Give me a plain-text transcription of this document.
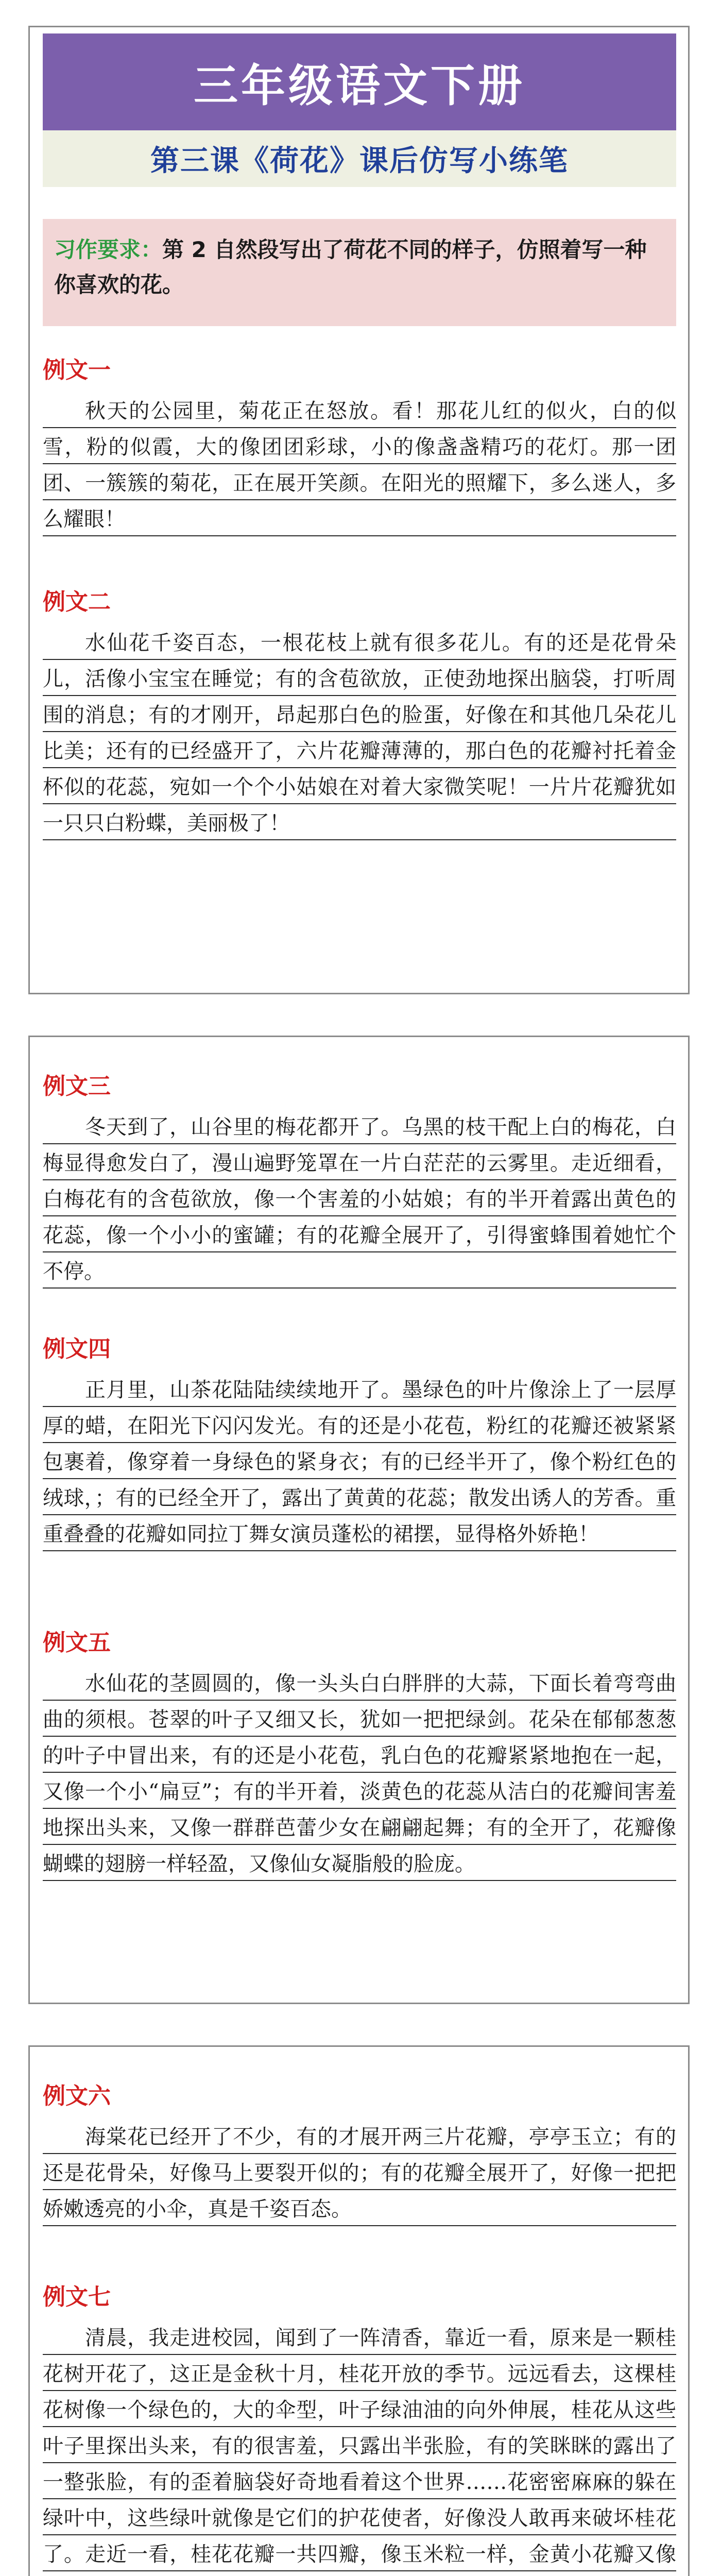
三年级语文下册
第三课《荷花》课后仿写小练笔
习作要求：第 2 自然段写出了荷花不同的样子，仿照着写一种你喜欢的花。
例文一
秋天的公园里，菊花正在怒放。看！那花儿红的似火，白的似雪，粉的似霞，大的像团团彩球，小的像盏盏精巧的花灯。那一团团、一簇簇的菊花，正在展开笑颜。在阳光的照耀下，多么迷人，多么耀眼！
例文二
水仙花千姿百态，一根花枝上就有很多花儿。有的还是花骨朵儿，活像小宝宝在睡觉；有的含苞欲放，正使劲地探出脑袋，打听周围的消息；有的才刚开，昂起那白色的脸蛋，好像在和其他几朵花儿比美；还有的已经盛开了，六片花瓣薄薄的，那白色的花瓣衬托着金杯似的花蕊，宛如一个个小姑娘在对着大家微笑呢！一片片花瓣犹如一只只白粉蝶，美丽极了！
例文三
冬天到了，山谷里的梅花都开了。乌黑的枝干配上白的梅花，白梅显得愈发白了，漫山遍野笼罩在一片白茫茫的云雾里。走近细看，白梅花有的含苞欲放，像一个害羞的小姑娘；有的半开着露出黄色的花蕊，像一个小小的蜜罐；有的花瓣全展开了，引得蜜蜂围着她忙个不停。
例文四
正月里，山茶花陆陆续续地开了。墨绿色的叶片像涂上了一层厚厚的蜡，在阳光下闪闪发光。有的还是小花苞，粉红的花瓣还被紧紧包裹着，像穿着一身绿色的紧身衣；有的已经半开了，像个粉红色的绒球，；有的已经全开了，露出了黄黄的花蕊；散发出诱人的芳香。重重叠叠的花瓣如同拉丁舞女演员蓬松的裙摆，显得格外娇艳！
例文五
水仙花的茎圆圆的，像一头头白白胖胖的大蒜，下面长着弯弯曲曲的须根。苍翠的叶子又细又长，犹如一把把绿剑。花朵在郁郁葱葱的叶子中冒出来，有的还是小花苞，乳白色的花瓣紧紧地抱在一起，又像一个小“扁豆”；有的半开着，淡黄色的花蕊从洁白的花瓣间害羞地探出头来，又像一群群芭蕾少女在翩翩起舞；有的全开了，花瓣像蝴蝶的翅膀一样轻盈，又像仙女凝脂般的脸庞。
例文六
海棠花已经开了不少，有的才展开两三片花瓣，亭亭玉立；有的还是花骨朵，好像马上要裂开似的；有的花瓣全展开了，好像一把把娇嫩透亮的小伞，真是千姿百态。
例文七
清晨，我走进校园，闻到了一阵清香，靠近一看，原来是一颗桂花树开花了，这正是金秋十月，桂花开放的季节。远远看去，这棵桂花树像一个绿色的，大的伞型，叶子绿油油的向外伸展，桂花从这些叶子里探出头来，有的很害羞，只露出半张脸，有的笑眯眯的露出了一整张脸，有的歪着脑袋好奇地看着这个世界……花密密麻麻的躲在绿叶中，这些绿叶就像是它们的护花使者，好像没人敢再来破坏桂花了。走近一看，桂花花瓣一共四瓣，像玉米粒一样，金黄小花瓣又像
